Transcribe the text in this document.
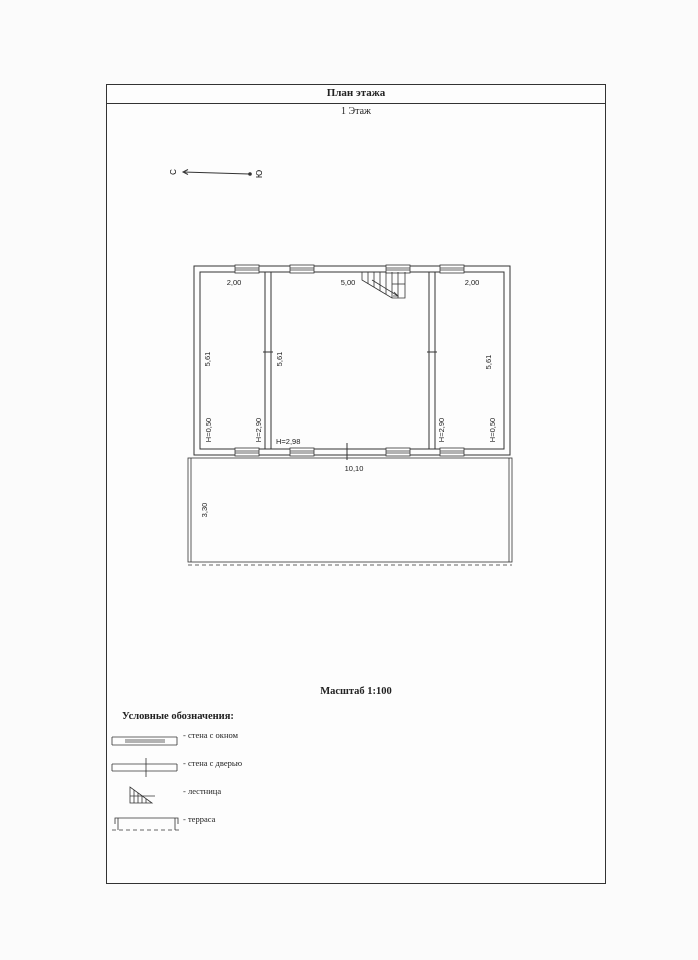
План этажа
1 Этаж
С	Ю
2,00	5,00	2,00
5,61	5,61	5,61
H=0,50	H=2,90 H=2,98	H=2,90	H=0,50
10,10
3,30
Масштаб 1:100
Условные обозначения:
- стена с окном
- стена с дверью
- лестница
- терраса
